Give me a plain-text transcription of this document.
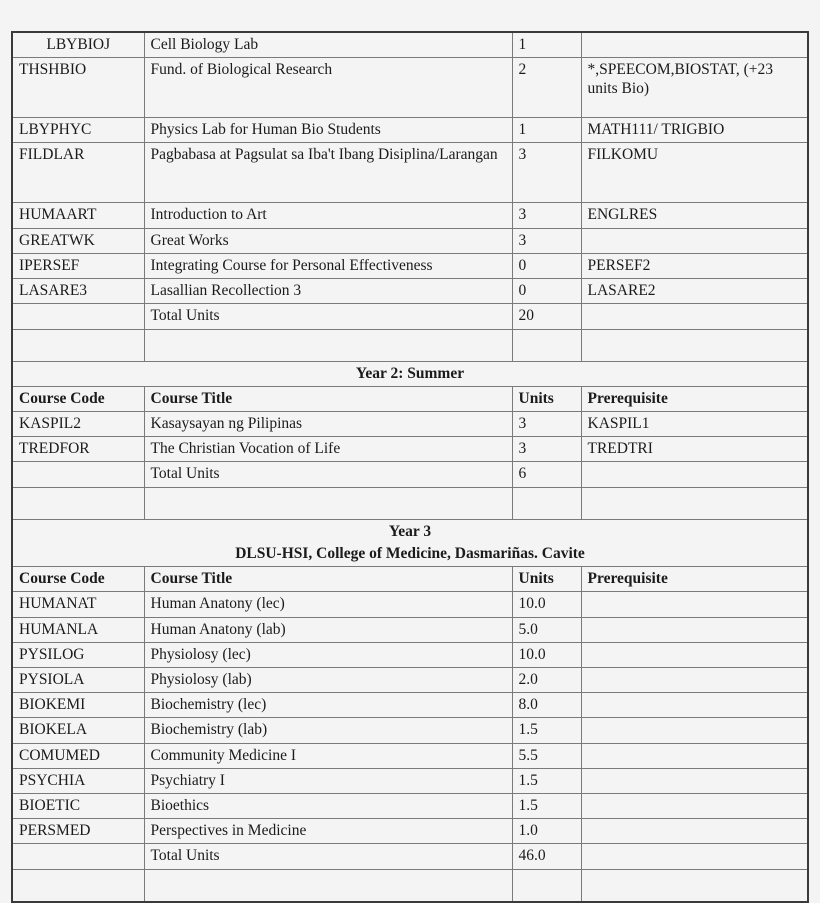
LBYBIOJ	Cell Biology Lab	1	
THSHBIO	Fund. of Biological Research	2	*,SPEECOM,BIOSTAT, (+23 units Bio)
LBYPHYC	Physics Lab for Human Bio Students	1	MATH111/ TRIGBIO
FILDLAR	Pagbabasa at Pagsulat sa Iba't Ibang Disiplina/Larangan	3	FILKOMU
HUMAART	Introduction to Art	3	ENGLRES
GREATWK	Great Works	3	
IPERSEF	Integrating Course for Personal Effectiveness	0	PERSEF2
LASARE3	Lasallian Recollection 3	0	LASARE2
	Total Units	20	

Year 2: Summer			

Course Code	Course Title	Units	Prerequisite
KASPIL2	Kasaysayan ng Pilipinas	3	KASPIL1
TREDFOR	The Christian Vocation of Life	3	TREDTRI
	Total Units	6	

Year 3
DLSU-HSI, College of Medicine, Dasmariñas. Cavite			

Course Code	Course Title	Units	Prerequisite
HUMANAT	Human Anatony (lec)	10.0	
HUMANLA	Human Anatony (lab)	5.0	
PYSILOG	Physiolosy (lec)	10.0	
PYSIOLA	Physiolosy (lab)	2.0	
BIOKEMI	Biochemistry (lec)	8.0	
BIOKELA	Biochemistry (lab)	1.5	
COMUMED	Community Medicine I	5.5	
PSYCHIA	Psychiatry I	1.5	
BIOETIC	Bioethics	1.5	
PERSMED	Perspectives in Medicine	1.0	
	Total Units	46.0	
